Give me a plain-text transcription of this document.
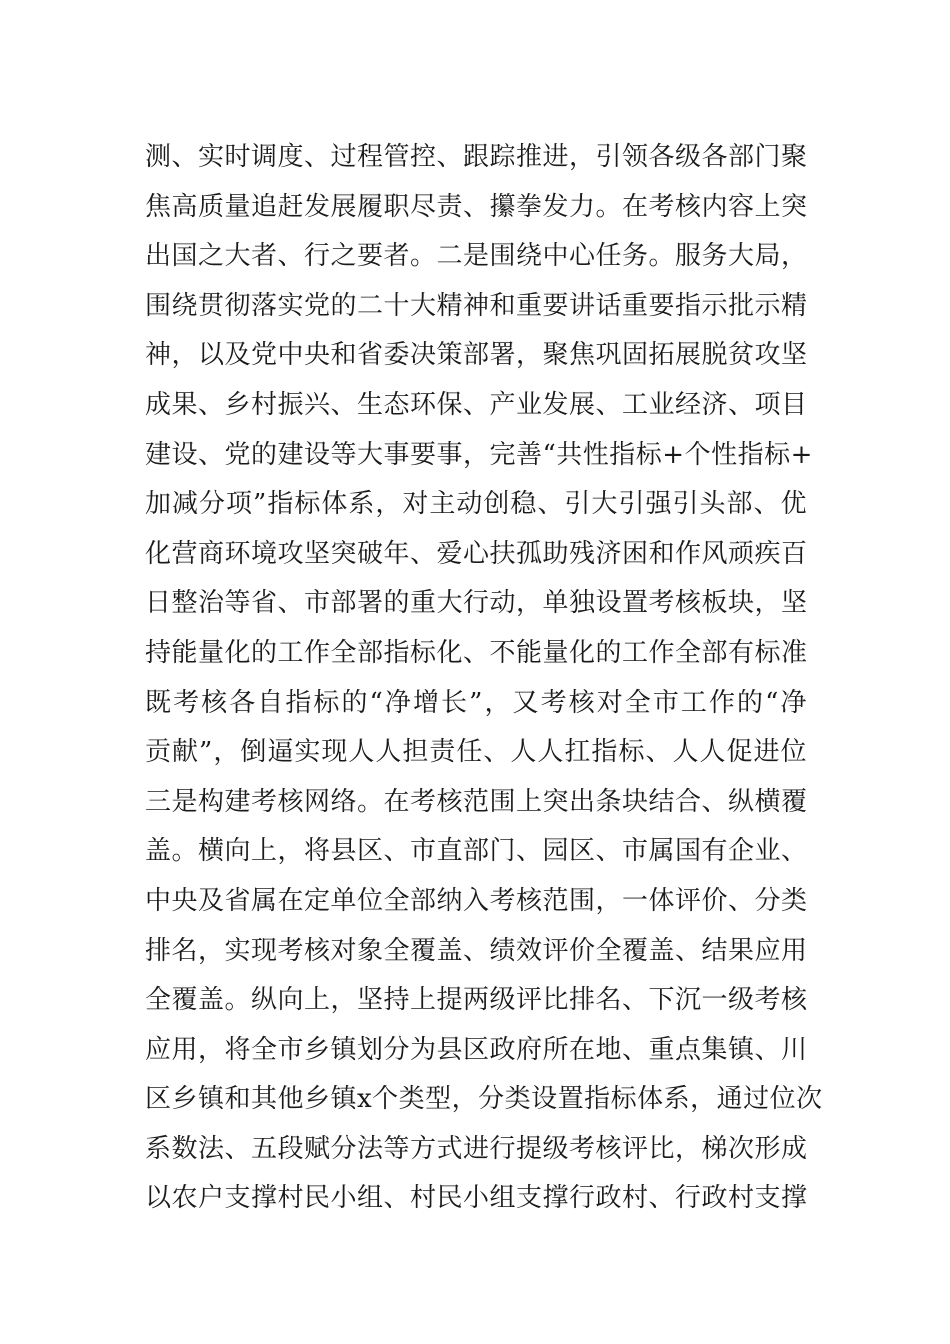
测、实时调度、过程管控、跟踪推进，引领各级各部门聚
焦高质量追赶发展履职尽责、攥拳发力。在考核内容上突
出国之大者、行之要者。二是围绕中心任务。服务大局，
围绕贯彻落实党的二十大精神和重要讲话重要指示批示精
神，以及党中央和省委决策部署，聚焦巩固拓展脱贫攻坚
成果、乡村振兴、生态环保、产业发展、工业经济、项目
建设、党的建设等大事要事，完善“共性指标+个性指标+
加减分项”指标体系，对主动创稳、引大引强引头部、优
化营商环境攻坚突破年、爱心扶孤助残济困和作风顽疾百
日整治等省、市部署的重大行动，单独设置考核板块，坚
持能量化的工作全部指标化、不能量化的工作全部有标准
既考核各自指标的“净增长”，又考核对全市工作的“净
贡献”，倒逼实现人人担责任、人人扛指标、人人促进位
三是构建考核网络。在考核范围上突出条块结合、纵横覆
盖。横向上，将县区、市直部门、园区、市属国有企业、
中央及省属在定单位全部纳入考核范围，一体评价、分类
排名，实现考核对象全覆盖、绩效评价全覆盖、结果应用
全覆盖。纵向上，坚持上提两级评比排名、下沉一级考核
应用，将全市乡镇划分为县区政府所在地、重点集镇、川
区乡镇和其他乡镇x个类型，分类设置指标体系，通过位次
系数法、五段赋分法等方式进行提级考核评比，梯次形成
以农户支撑村民小组、村民小组支撑行政村、行政村支撑
